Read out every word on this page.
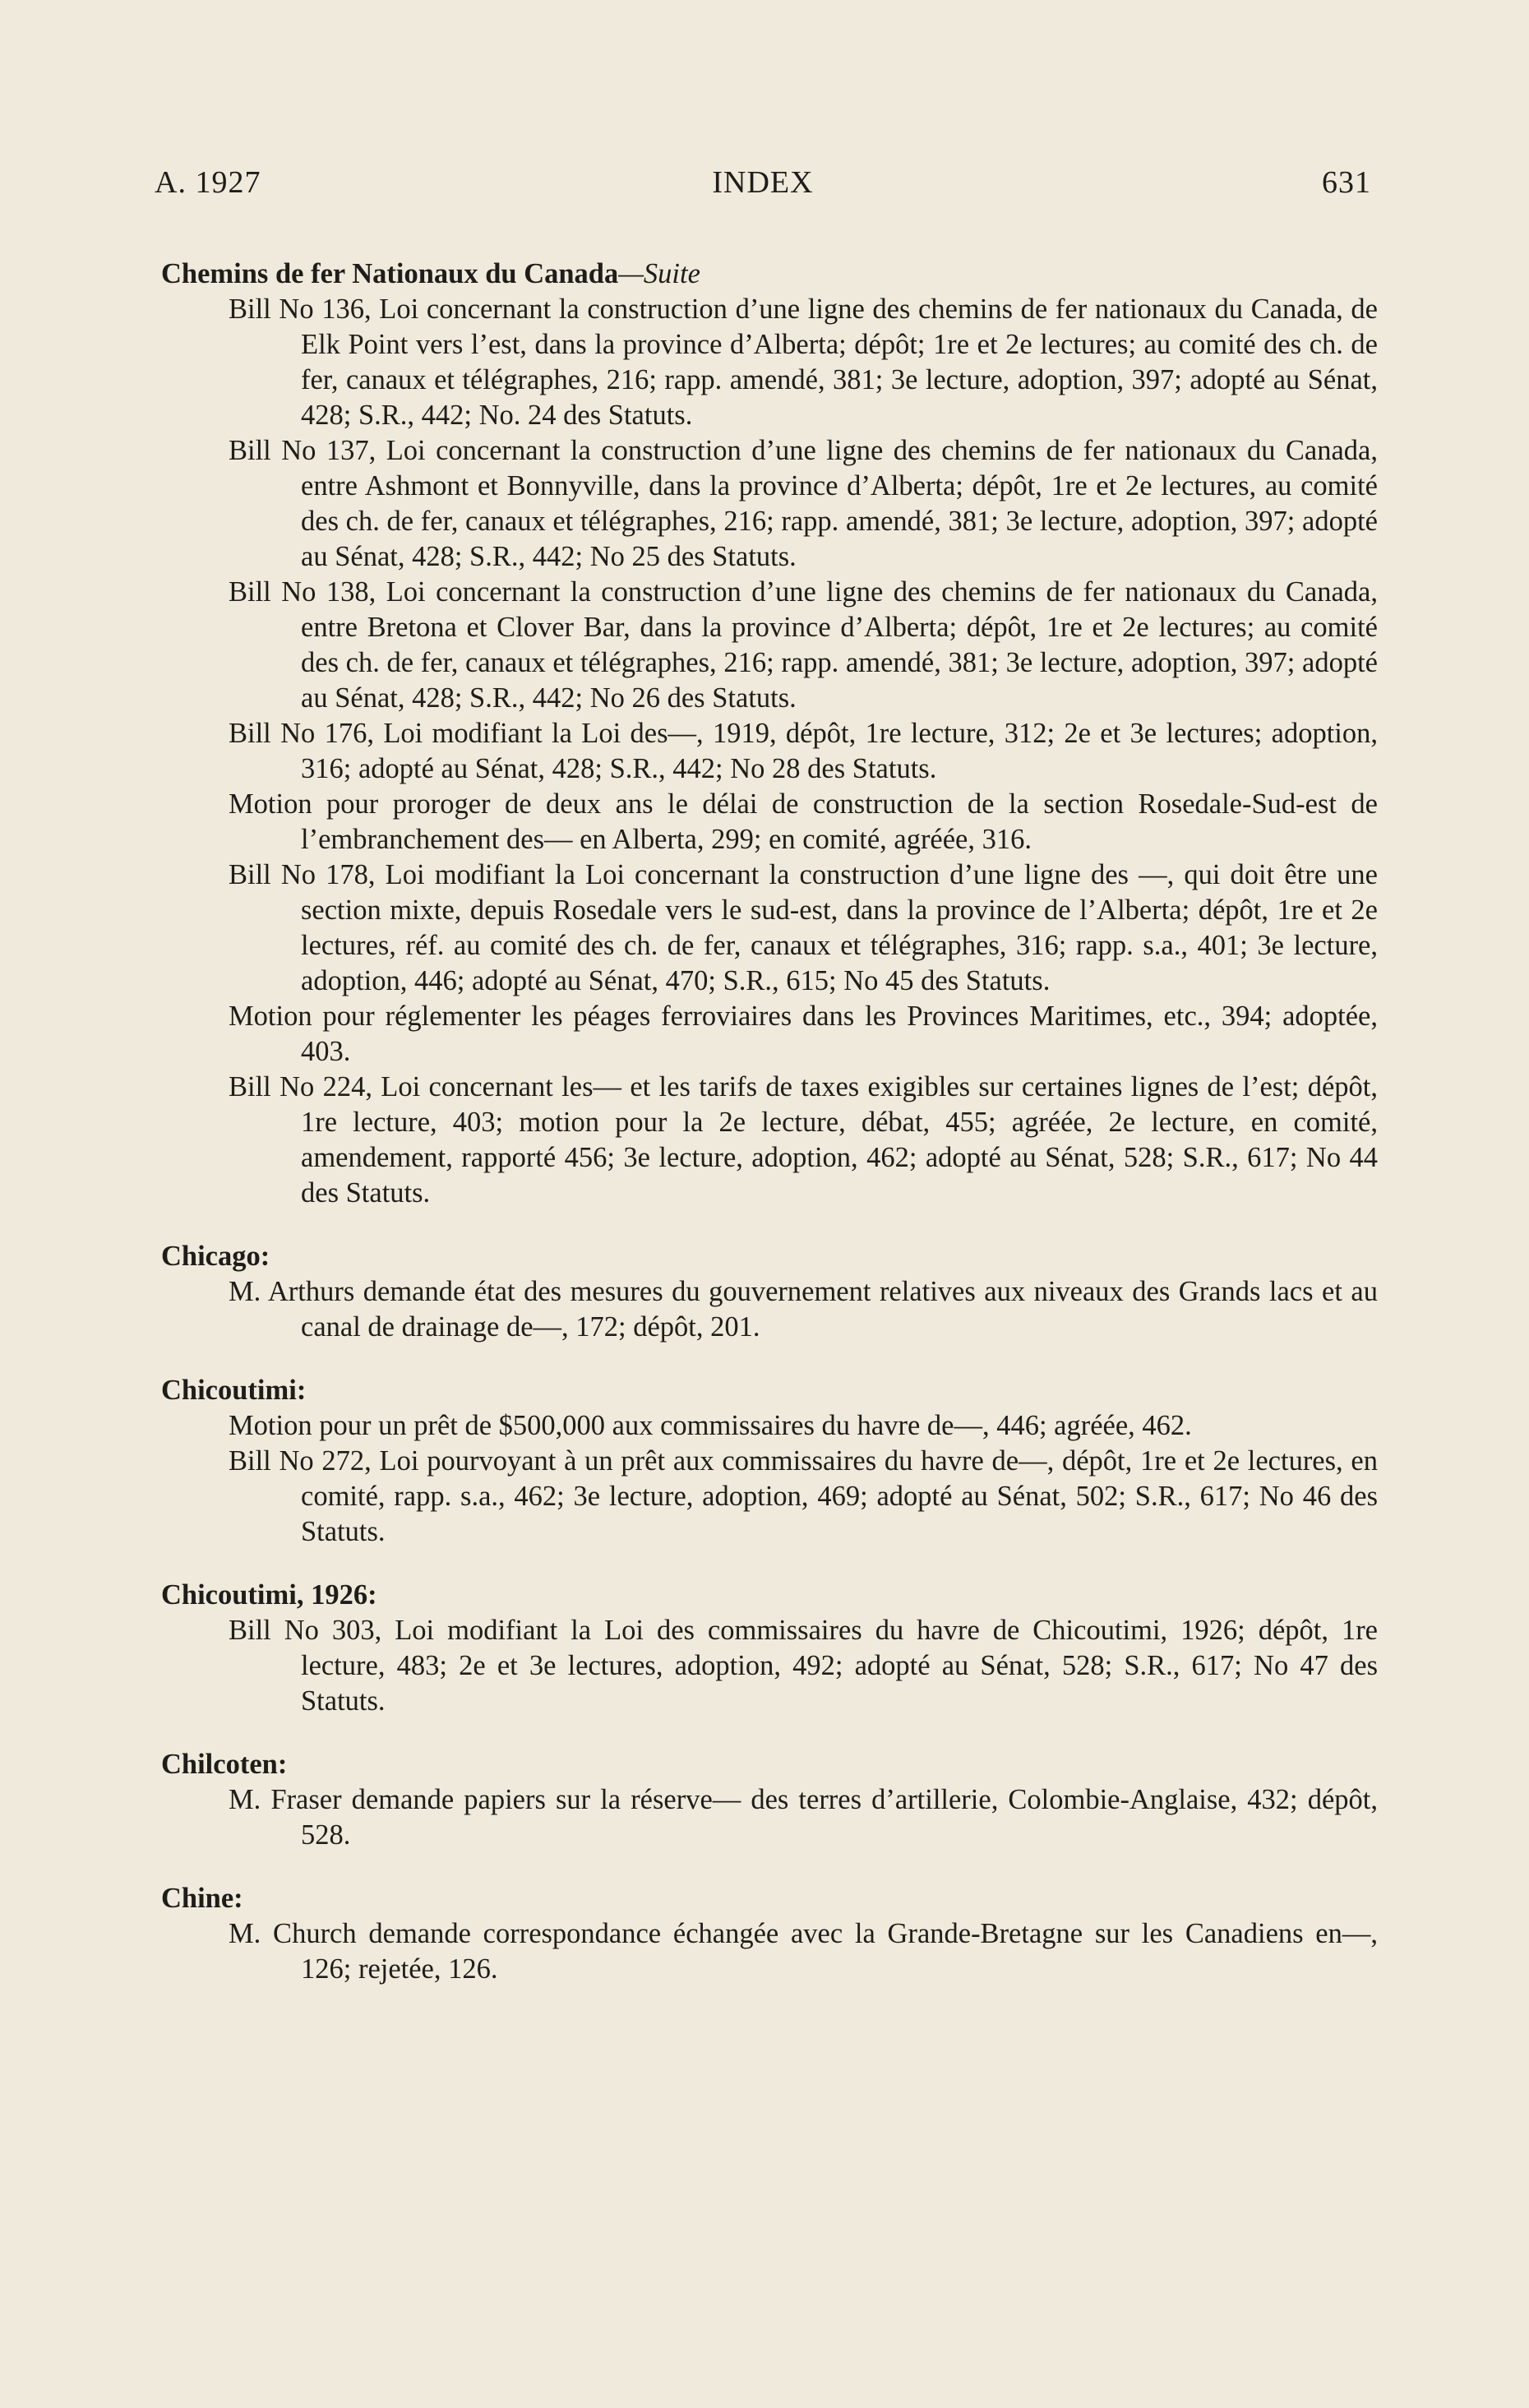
A. 1927	INDEX	631

Chemins de fer Nationaux du Canada—Suite

Bill No 136, Loi concernant la construction d’une ligne des chemins de fer nationaux du Canada, de Elk Point vers l’est, dans la province d’Alberta; dépôt; 1re et 2e lectures; au comité des ch. de fer, canaux et télégraphes, 216; rapp. amendé, 381; 3e lecture, adoption, 397; adopté au Sénat, 428; S.R., 442; No. 24 des Statuts.

Bill No 137, Loi concernant la construction d’une ligne des chemins de fer nationaux du Canada, entre Ashmont et Bonnyville, dans la province d’Alberta; dépôt, 1re et 2e lectures, au comité des ch. de fer, canaux et télégraphes, 216; rapp. amendé, 381; 3e lecture, adoption, 397; adopté au Sénat, 428; S.R., 442; No 25 des Statuts.

Bill No 138, Loi concernant la construction d’une ligne des chemins de fer nationaux du Canada, entre Bretona et Clover Bar, dans la province d’Alberta; dépôt, 1re et 2e lectures; au comité des ch. de fer, canaux et télégraphes, 216; rapp. amendé, 381; 3e lecture, adoption, 397; adopté au Sénat, 428; S.R., 442; No 26 des Statuts.

Bill No 176, Loi modifiant la Loi des—, 1919, dépôt, 1re lecture, 312; 2e et 3e lectures; adoption, 316; adopté au Sénat, 428; S.R., 442; No 28 des Statuts.

Motion pour proroger de deux ans le délai de construction de la section Rosedale-Sud-est de l’embranchement des— en Alberta, 299; en comité, agréée, 316.

Bill No 178, Loi modifiant la Loi concernant la construction d’une ligne des —, qui doit être une section mixte, depuis Rosedale vers le sud-est, dans la province de l’Alberta; dépôt, 1re et 2e lectures, réf. au comité des ch. de fer, canaux et télégraphes, 316; rapp. s.a., 401; 3e lecture, adoption, 446; adopté au Sénat, 470; S.R., 615; No 45 des Statuts.

Motion pour réglementer les péages ferroviaires dans les Provinces Maritimes, etc., 394; adoptée, 403.

Bill No 224, Loi concernant les— et les tarifs de taxes exigibles sur certaines lignes de l’est; dépôt, 1re lecture, 403; motion pour la 2e lecture, débat, 455; agréée, 2e lecture, en comité, amendement, rapporté 456; 3e lecture, adoption, 462; adopté au Sénat, 528; S.R., 617; No 44 des Statuts.

Chicago:

M. Arthurs demande état des mesures du gouvernement relatives aux niveaux des Grands lacs et au canal de drainage de—, 172; dépôt, 201.

Chicoutimi:

Motion pour un prêt de $500,000 aux commissaires du havre de—, 446; agréée, 462.

Bill No 272, Loi pourvoyant à un prêt aux commissaires du havre de—, dépôt, 1re et 2e lectures, en comité, rapp. s.a., 462; 3e lecture, adoption, 469; adopté au Sénat, 502; S.R., 617; No 46 des Statuts.

Chicoutimi, 1926:

Bill No 303, Loi modifiant la Loi des commissaires du havre de Chicoutimi, 1926; dépôt, 1re lecture, 483; 2e et 3e lectures, adoption, 492; adopté au Sénat, 528; S.R., 617; No 47 des Statuts.

Chilcoten:

M. Fraser demande papiers sur la réserve— des terres d’artillerie, Colombie-Anglaise, 432; dépôt, 528.

Chine:

M. Church demande correspondance échangée avec la Grande-Bretagne sur les Canadiens en—, 126; rejetée, 126.
